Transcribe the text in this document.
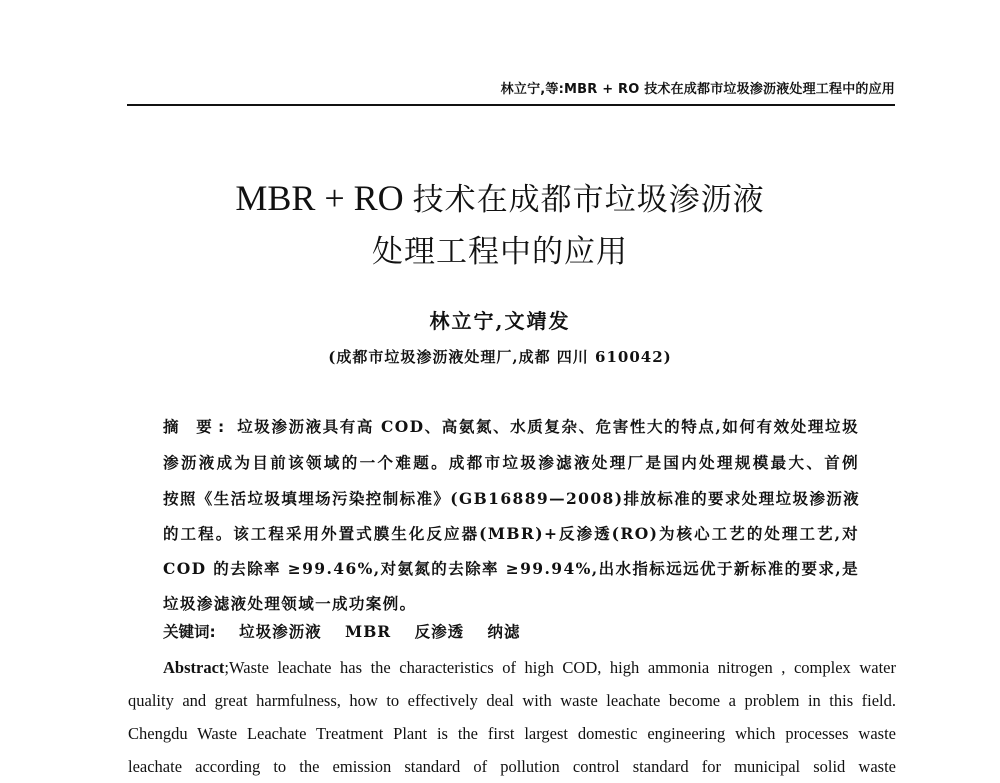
林立宁,等:MBR + RO 技术在成都市垃圾渗沥液处理工程中的应用
MBR + RO 技术在成都市垃圾渗沥液
处理工程中的应用
林立宁,文靖发
(成都市垃圾渗沥液处理厂,成都 四川 610042)
摘 要: 垃圾渗沥液具有高 COD、高氨氮、水质复杂、危害性大的特点,如何有效处理垃圾
渗沥液成为目前该领域的一个难题。成都市垃圾渗滤液处理厂是国内处理规模最大、首例
按照《生活垃圾填埋场污染控制标准》(GB16889—2008)排放标准的要求处理垃圾渗沥液
的工程。该工程采用外置式膜生化反应器(MBR)+反渗透(RO)为核心工艺的处理工艺,对
COD 的去除率 ≥99.46%,对氨氮的去除率 ≥99.94%,出水指标远远优于新标准的要求,是
垃圾渗滤液处理领域一成功案例。
关键词: 垃圾渗沥液 MBR 反渗透 纳滤
Abstract;Waste leachate has the characteristics of high COD, high ammonia nitrogen , complex water
quality and great harmfulness, how to effectively deal with waste leachate become a problem in this field.
Chengdu Waste Leachate Treatment Plant is the first largest domestic engineering which processes waste
leachate according to the emission standard of pollution control standard for municipal solid waste
